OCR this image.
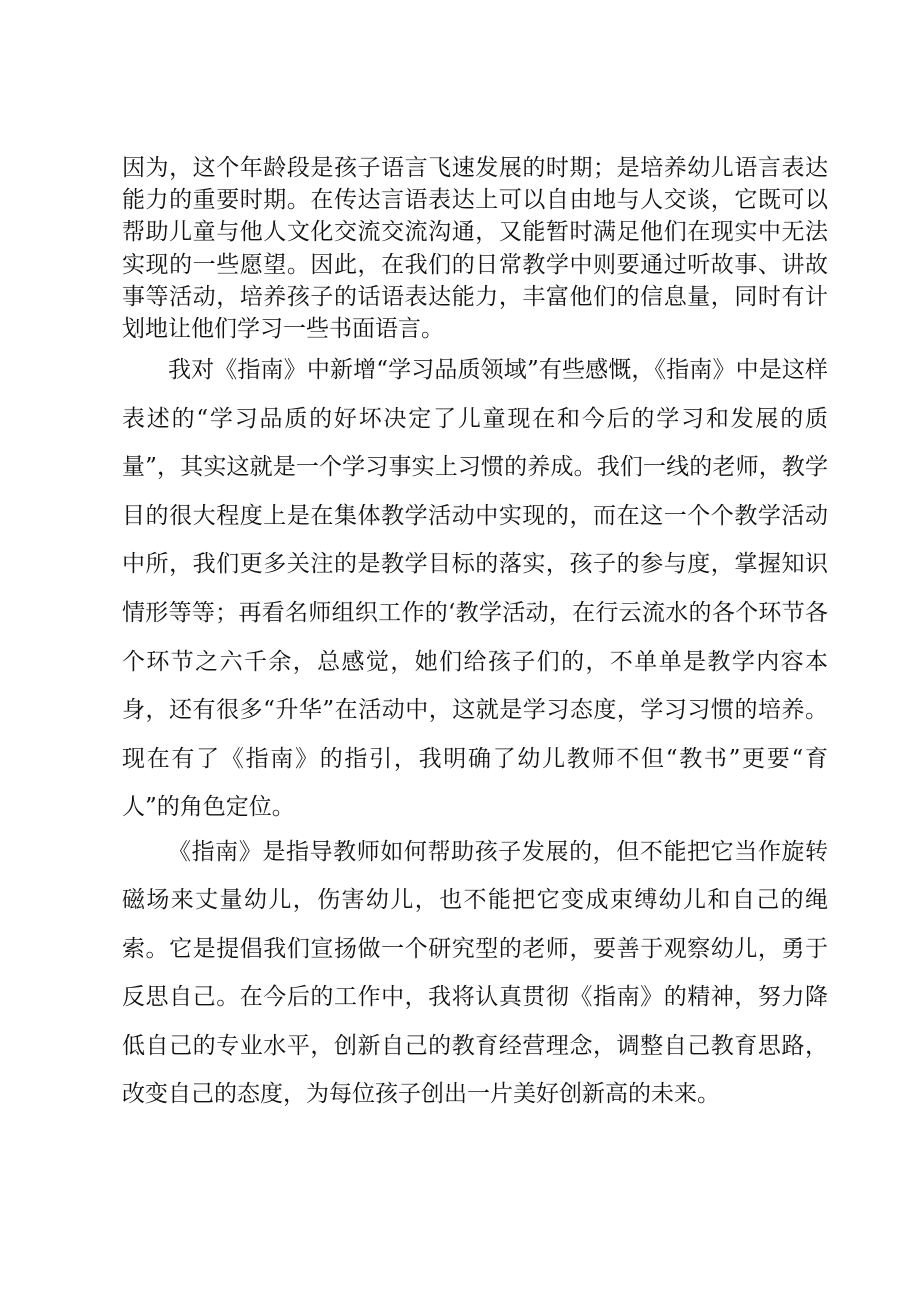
因为，这个年龄段是孩子语言飞速发展的时期；是培养幼儿语言表达能力的重要时期。在传达言语表达上可以自由地与人交谈，它既可以帮助儿童与他人文化交流交流沟通，又能暂时满足他们在现实中无法实现的一些愿望。因此，在我们的日常教学中则要通过听故事、讲故事等活动，培养孩子的话语表达能力，丰富他们的信息量，同时有计划地让他们学习一些书面语言。

我对《指南》中新增“学习品质领域”有些感慨，《指南》中是这样表述的“学习品质的好坏决定了儿童现在和今后的学习和发展的质量”，其实这就是一个学习事实上习惯的养成。我们一线的老师，教学目的很大程度上是在集体教学活动中实现的，而在这一个个教学活动中所，我们更多关注的是教学目标的落实，孩子的参与度，掌握知识情形等等；再看名师组织工作的‘教学活动，在行云流水的各个环节各个环节之六千余，总感觉，她们给孩子们的，不单单是教学内容本身，还有很多“升华”在活动中，这就是学习态度，学习习惯的培养。现在有了《指南》的指引，我明确了幼儿教师不但“教书”更要“育人”的角色定位。

《指南》是指导教师如何帮助孩子发展的，但不能把它当作旋转磁场来丈量幼儿，伤害幼儿，也不能把它变成束缚幼儿和自己的绳索。它是提倡我们宣扬做一个研究型的老师，要善于观察幼儿，勇于反思自己。在今后的工作中，我将认真贯彻《指南》的精神，努力降低自己的专业水平，创新自己的教育经营理念，调整自己教育思路，改变自己的态度，为每位孩子创出一片美好创新高的未来。
